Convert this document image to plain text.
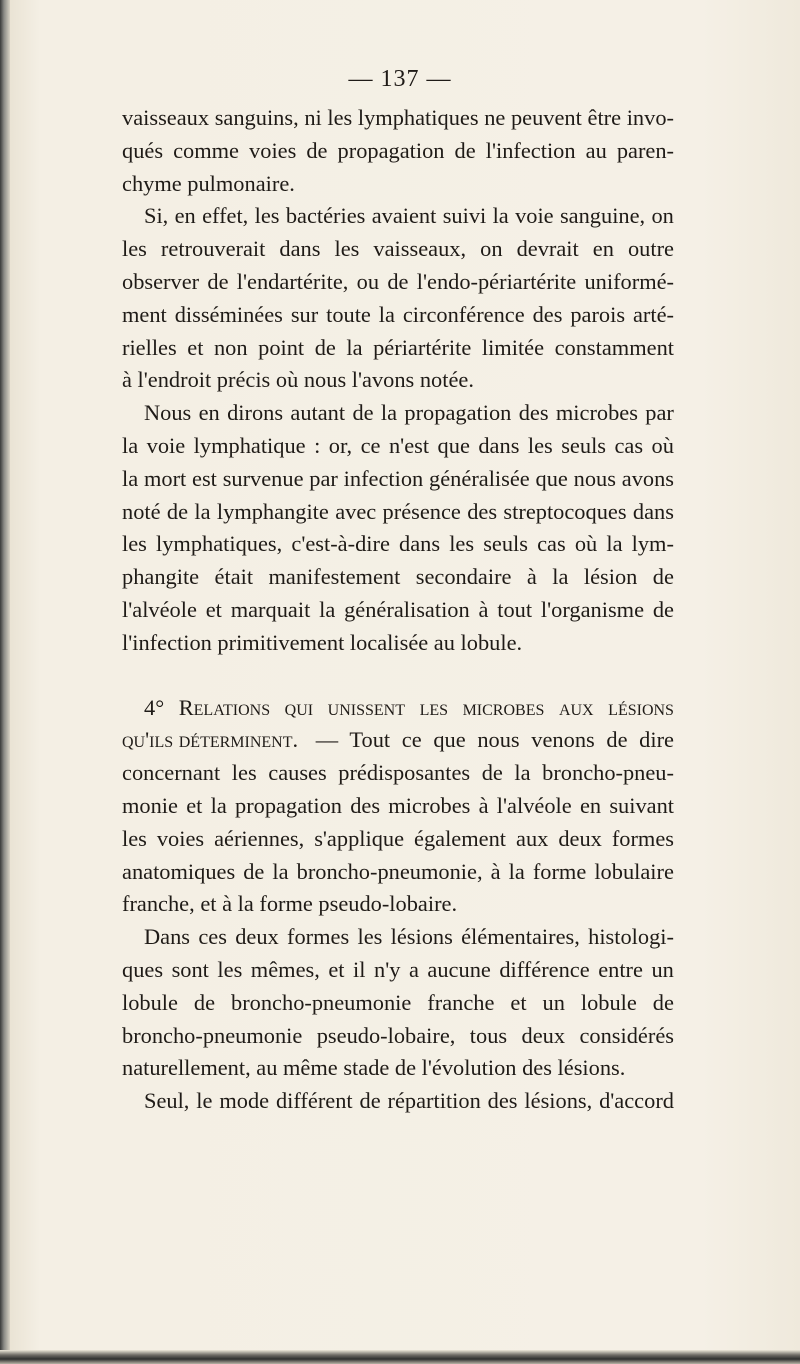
— 137 —
vaisseaux sanguins, ni les lymphatiques ne peuvent être invo-
qués comme voies de propagation de l'infection au paren-
chyme pulmonaire.
Si, en effet, les bactéries avaient suivi la voie sanguine, on
les retrouverait dans les vaisseaux, on devrait en outre
observer de l'endartérite, ou de l'endo-périartérite uniformé-
ment disséminées sur toute la circonférence des parois arté-
rielles et non point de la périartérite limitée constamment
à l'endroit précis où nous l'avons notée.
Nous en dirons autant de la propagation des microbes par
la voie lymphatique : or, ce n'est que dans les seuls cas où
la mort est survenue par infection généralisée que nous avons
noté de la lymphangite avec présence des streptocoques dans
les lymphatiques, c'est-à-dire dans les seuls cas où la lym-
phangite était manifestement secondaire à la lésion de
l'alvéole et marquait la généralisation à tout l'organisme de
l'infection primitivement localisée au lobule.
4° Relations qui unissent les microbes aux lésions
qu'ils déterminent. — Tout ce que nous venons de dire
concernant les causes prédisposantes de la broncho-pneu-
monie et la propagation des microbes à l'alvéole en suivant
les voies aériennes, s'applique également aux deux formes
anatomiques de la broncho-pneumonie, à la forme lobulaire
franche, et à la forme pseudo-lobaire.
Dans ces deux formes les lésions élémentaires, histologi-
ques sont les mêmes, et il n'y a aucune différence entre un
lobule de broncho-pneumonie franche et un lobule de
broncho-pneumonie pseudo-lobaire, tous deux considérés
naturellement, au même stade de l'évolution des lésions.
Seul, le mode différent de répartition des lésions, d'accord
